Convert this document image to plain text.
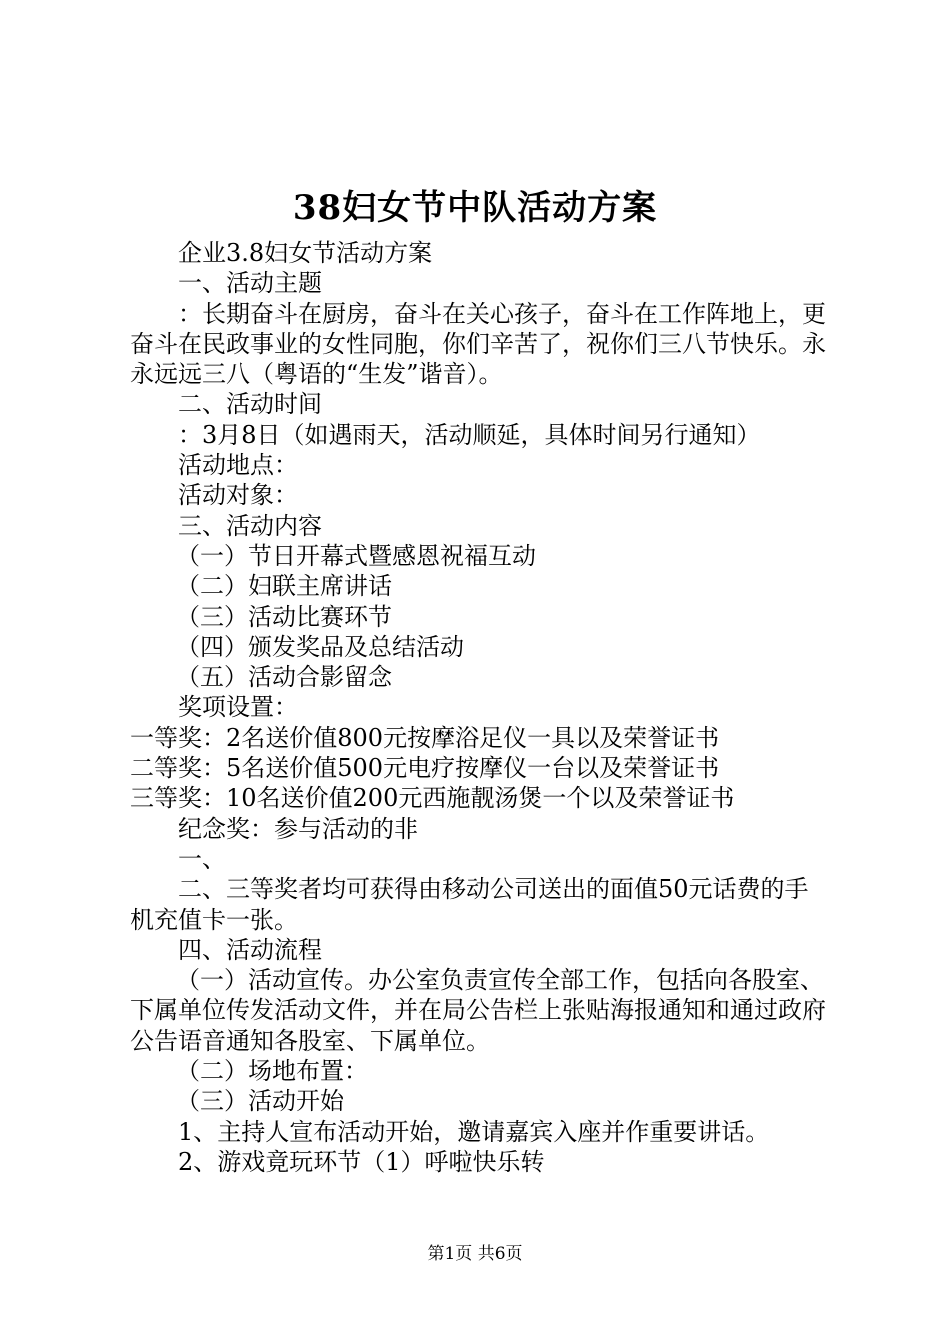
38妇女节中队活动方案

企业3.8妇女节活动方案

一、活动主题

：长期奋斗在厨房，奋斗在关心孩子，奋斗在工作阵地上，更奋斗在民政事业的女性同胞，你们辛苦了，祝你们三八节快乐。永永远远三八（粤语的“生发”谐音）。

二、活动时间

：3月8日（如遇雨天，活动顺延，具体时间另行通知）

活动地点：

活动对象：

三、活动内容

（一）节日开幕式暨感恩祝福互动

（二）妇联主席讲话

（三）活动比赛环节

（四）颁发奖品及总结活动

（五）活动合影留念

奖项设置：

一等奖：2名送价值800元按摩浴足仪一具以及荣誉证书

二等奖：5名送价值500元电疗按摩仪一台以及荣誉证书

三等奖：10名送价值200元西施靓汤煲一个以及荣誉证书

纪念奖：参与活动的非

一、

二、三等奖者均可获得由移动公司送出的面值50元话费的手机充值卡一张。

四、活动流程

（一）活动宣传。办公室负责宣传全部工作，包括向各股室、下属单位传发活动文件，并在局公告栏上张贴海报通知和通过政府公告语音通知各股室、下属单位。

（二）场地布置：

（三）活动开始

1、主持人宣布活动开始，邀请嘉宾入座并作重要讲话。

2、游戏竟玩环节（1）呼啦快乐转

第1页 共6页
